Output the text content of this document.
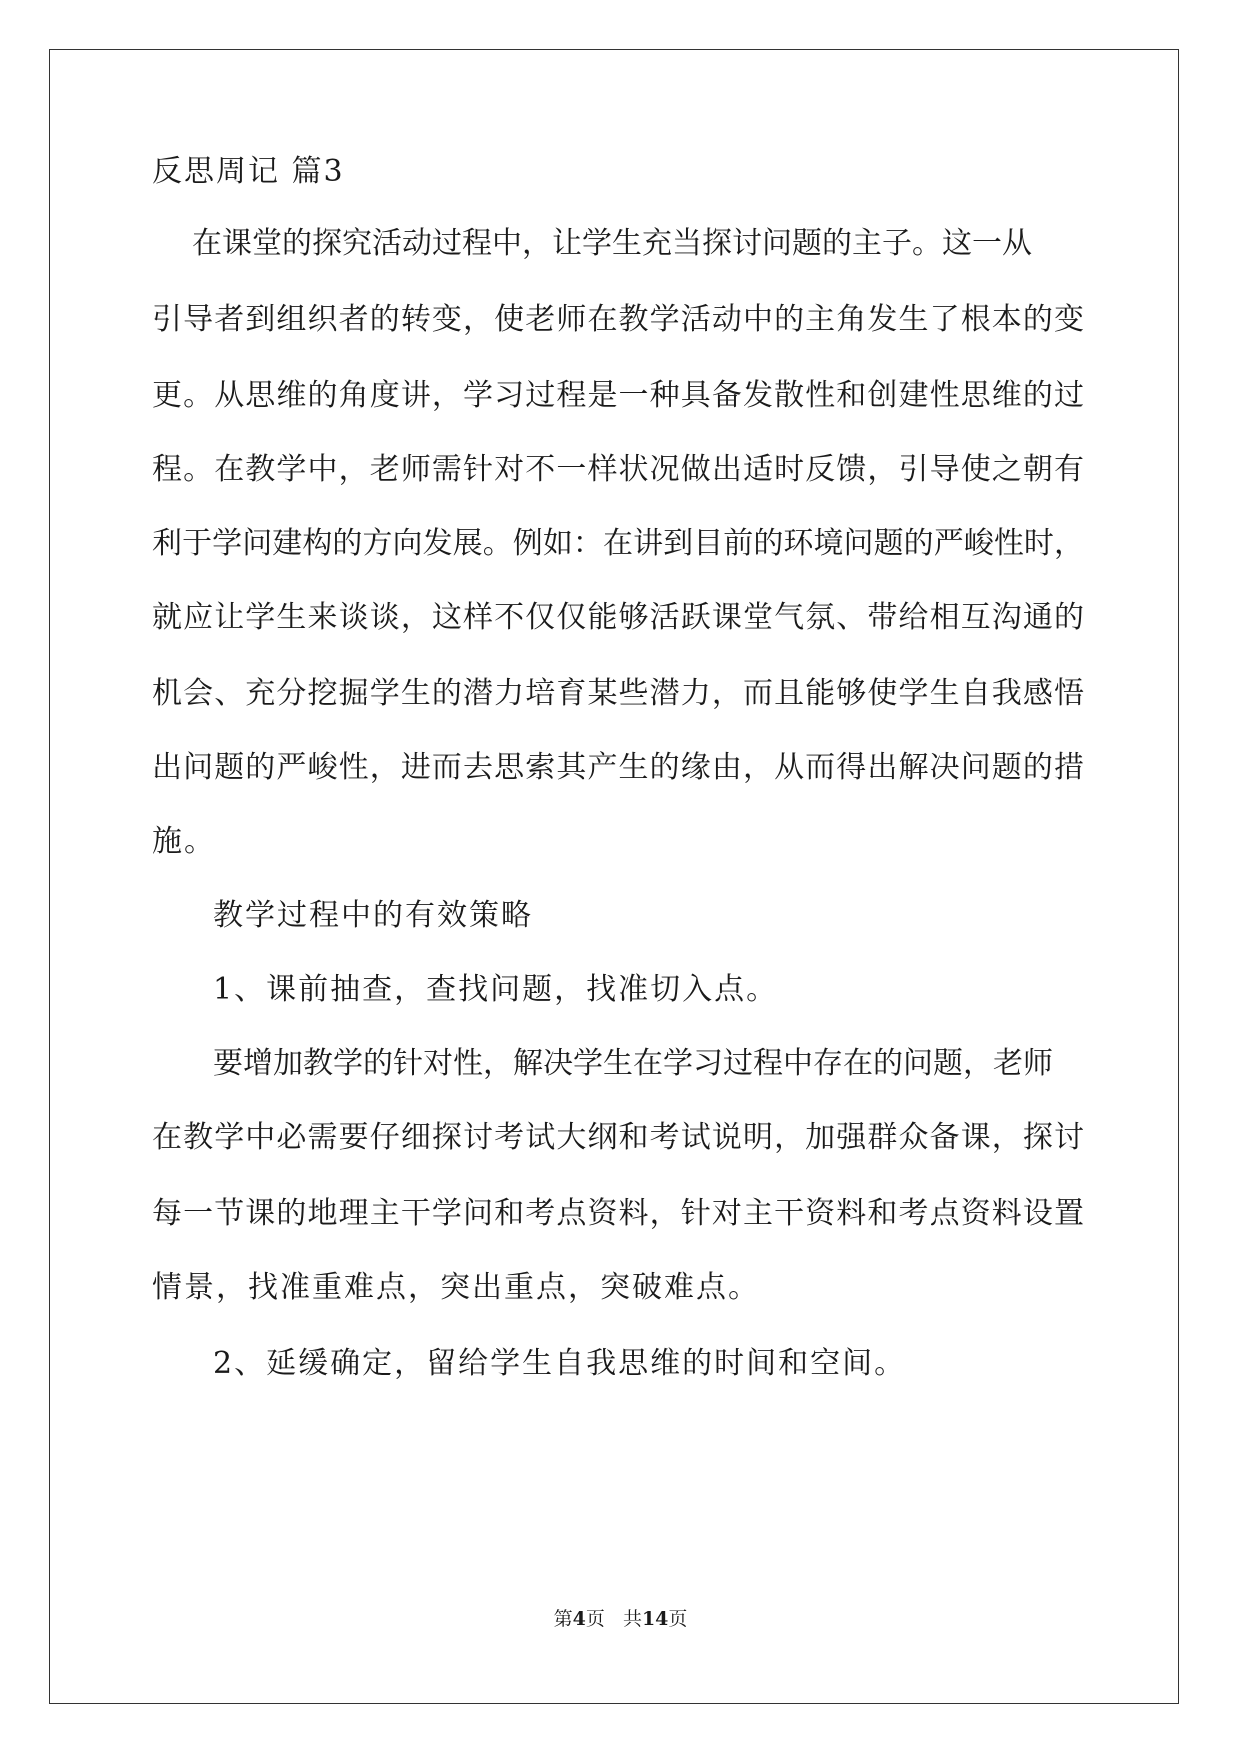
反思周记 篇3
在课堂的探究活动过程中，让学生充当探讨问题的主子。这一从
引导者到组织者的转变，使老师在教学活动中的主角发生了根本的变
更。从思维的角度讲，学习过程是一种具备发散性和创建性思维的过
程。在教学中，老师需针对不一样状况做出适时反馈，引导使之朝有
利于学问建构的方向发展。例如：在讲到目前的环境问题的严峻性时，
就应让学生来谈谈，这样不仅仅能够活跃课堂气氛、带给相互沟通的
机会、充分挖掘学生的潜力培育某些潜力，而且能够使学生自我感悟
出问题的严峻性，进而去思索其产生的缘由，从而得出解决问题的措
施。
教学过程中的有效策略
1、课前抽查，查找问题，找准切入点。
要增加教学的针对性，解决学生在学习过程中存在的问题，老师
在教学中必需要仔细探讨考试大纲和考试说明，加强群众备课，探讨
每一节课的地理主干学问和考点资料，针对主干资料和考点资料设置
情景，找准重难点，突出重点，突破难点。
2、延缓确定，留给学生自我思维的时间和空间。
第4页   共14页
